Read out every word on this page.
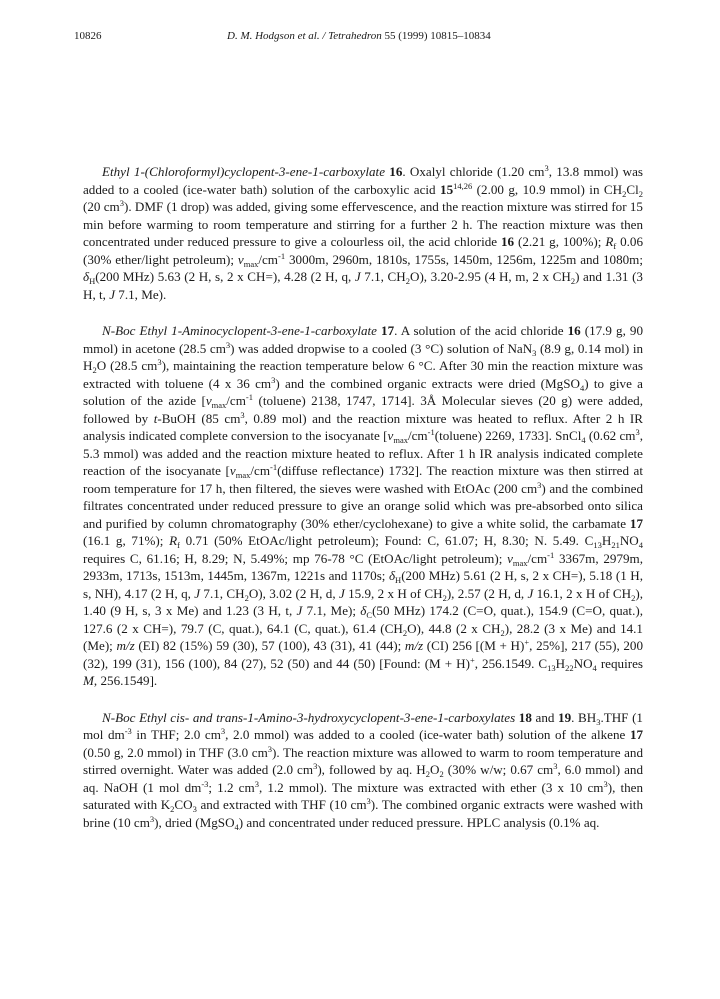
10826	D. M. Hodgson et al. / Tetrahedron 55 (1999) 10815–10834

Ethyl 1-(Chloroformyl)cyclopent-3-ene-1-carboxylate 16. Oxalyl chloride (1.20 $cm^3$, 13.8 mmol) was added to a cooled (ice-water bath) solution of the carboxylic acid 15$^{14,26}$ (2.00 g, 10.9 mmol) in $CH_2Cl_2$ (20 $cm^3$). DMF (1 drop) was added, giving some effervescence, and the reaction mixture was stirred for 15 min before warming to room temperature and stirring for a further 2 h. The reaction mixture was then concentrated under reduced pressure to give a colourless oil, the acid chloride 16 (2.21 g, 100%); $R_f$ 0.06 (30% ether/light petroleum); $\nu_{max}/cm^{-1}$ 3000m, 2960m, 1810s, 1755s, 1450m, 1256m, 1225m and 1080m; $\delta_H(200$ MHz) 5.63 (2 H, s, 2 x CH=), 4.28 (2 H, q, J 7.1, $CH_2O$), 3.20-2.95 (4 H, m, 2 x $CH_2$) and 1.31 (3 H, t, J 7.1, Me).

N-Boc Ethyl 1-Aminocyclopent-3-ene-1-carboxylate 17. A solution of the acid chloride 16 (17.9 g, 90 mmol) in acetone (28.5 $cm^3$) was added dropwise to a cooled (3 °C) solution of NaN$_3$ (8.9 g, 0.14 mol) in $H_2O$ (28.5 $cm^3$), maintaining the reaction temperature below 6 °C. After 30 min the reaction mixture was extracted with toluene (4 x 36 $cm^3$) and the combined organic extracts were dried (MgSO$_4$) to give a solution of the azide [$\nu_{max}/cm^{-1}$ (toluene) 2138, 1747, 1714]. 3Å Molecular sieves (20 g) were added, followed by t-BuOH (85 $cm^3$, 0.89 mol) and the reaction mixture was heated to reflux. After 2 h IR analysis indicated complete conversion to the isocyanate [$\nu_{max}/cm^{-1}(toluene)$ 2269, 1733]. SnCl$_4$ (0.62 $cm^3$, 5.3 mmol) was added and the reaction mixture heated to reflux. After 1 h IR analysis indicated complete reaction of the isocyanate [$\nu_{max}/cm^{-1}(diffuse$ reflectance) 1732]. The reaction mixture was then stirred at room temperature for 17 h, then filtered, the sieves were washed with EtOAc (200 $cm^3$) and the combined filtrates concentrated under reduced pressure to give an orange solid which was pre-absorbed onto silica and purified by column chromatography (30% ether/cyclohexane) to give a white solid, the carbamate 17 (16.1 g, 71%); $R_f$ 0.71 (50% EtOAc/light petroleum); Found: C, 61.07; H, 8.30; N. 5.49. $C_{13}H_{21}NO_4$ requires C, 61.16; H, 8.29; N, 5.49%; mp 76-78 °C (EtOAc/light petroleum); $\nu_{max}/cm^{-1}$ 3367m, 2979m, 2933m, 1713s, 1513m, 1445m, 1367m, 1221s and 1170s; $\delta_H(200$ MHz) 5.61 (2 H, s, 2 x CH=), 5.18 (1 H, s, NH), 4.17 (2 H, q, J 7.1, $CH_2O$), 3.02 (2 H, d, J 15.9, 2 x H of $CH_2$), 2.57 (2 H, d, J 16.1, 2 x H of $CH_2$), 1.40 (9 H, s, 3 x Me) and 1.23 (3 H, t, J 7.1, Me); $\delta_C(50$ MHz) 174.2 (C=O, quat.), 154.9 (C=O, quat.), 127.6 (2 x CH=), 79.7 (C, quat.), 64.1 (C, quat.), 61.4 $(CH_2O)$, 44.8 (2 x $CH_2$), 28.2 (3 x Me) and 14.1 (Me); m/z (EI) 82 (15%) 59 (30), 57 (100), 43 (31), 41 (44); m/z (CI) 256 [(M + H)+, 25%], 217 (55), 200 (32), 199 (31), 156 (100), 84 (27), 52 (50) and 44 (50) [Found: (M + H)+, 256.1549. $C_{13}H_{22}NO_4$ requires M, 256.1549].

N-Boc Ethyl cis- and trans-1-Amino-3-hydroxycyclopent-3-ene-1-carboxylates 18 and 19. $BH_3.THF$ (1 mol $dm^{-3}$ in THF; 2.0 $cm^3$, 2.0 mmol) was added to a cooled (ice-water bath) solution of the alkene 17 (0.50 g, 2.0 mmol) in THF (3.0 $cm^3$). The reaction mixture was allowed to warm to room temperature and stirred overnight. Water was added (2.0 $cm^3$), followed by aq. $H_2O_2$ (30% w/w; 0.67 $cm^3$, 6.0 mmol) and aq. NaOH (1 mol $dm^{-3}$; 1.2 $cm^3$, 1.2 mmol). The mixture was extracted with ether (3 x 10 $cm^3$), then saturated with $K_2CO_3$ and extracted with THF (10 $cm^3$). The combined organic extracts were washed with brine (10 $cm^3$), dried (MgSO$_4$) and concentrated under reduced pressure. HPLC analysis (0.1% aq.
